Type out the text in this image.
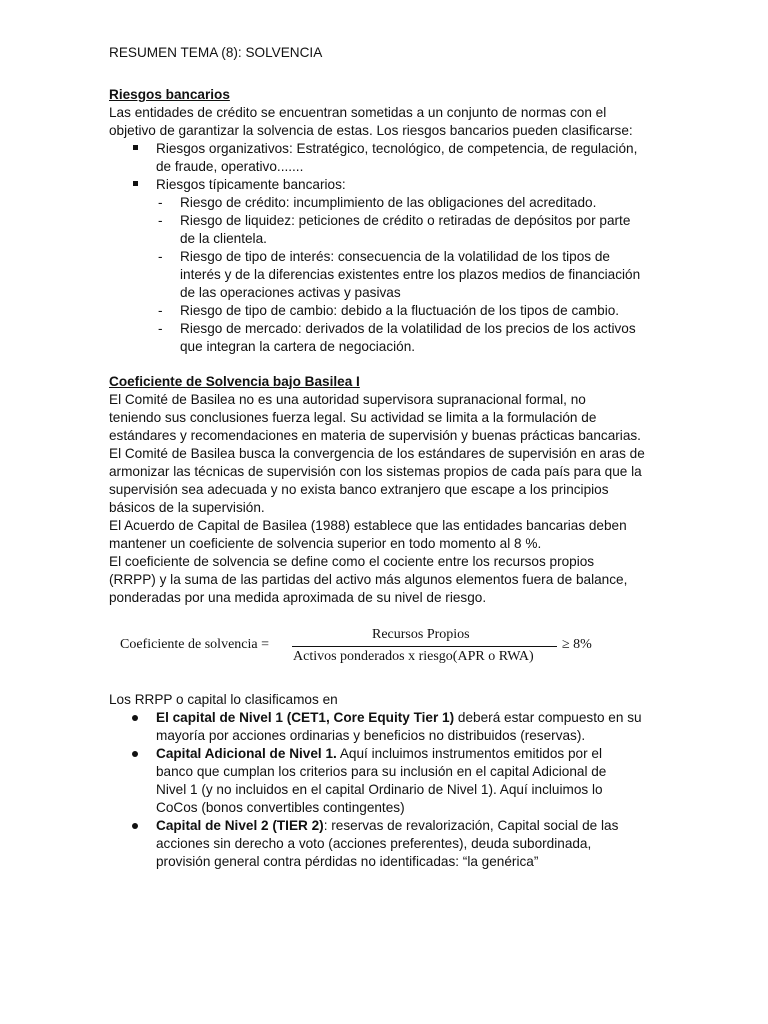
RESUMEN TEMA (8): SOLVENCIA
Riesgos bancarios
Las entidades de crédito se encuentran sometidas a un conjunto de normas con el
objetivo de garantizar la solvencia de estas. Los riesgos bancarios pueden clasificarse:
Riesgos organizativos: Estratégico, tecnológico, de competencia, de regulación,
de fraude, operativo.......
Riesgos típicamente bancarios:
- Riesgo de crédito: incumplimiento de las obligaciones del acreditado.
- Riesgo de liquidez: peticiones de crédito o retiradas de depósitos por parte
de la clientela.
- Riesgo de tipo de interés: consecuencia de la volatilidad de los tipos de
interés y de la diferencias existentes entre los plazos medios de financiación
de las operaciones activas y pasivas
- Riesgo de tipo de cambio: debido a la fluctuación de los tipos de cambio.
- Riesgo de mercado: derivados de la volatilidad de los precios de los activos
que integran la cartera de negociación.
Coeficiente de Solvencia bajo Basilea I
El Comité de Basilea no es una autoridad supervisora supranacional formal, no
teniendo sus conclusiones fuerza legal. Su actividad se limita a la formulación de
estándares y recomendaciones en materia de supervisión y buenas prácticas bancarias.
El Comité de Basilea busca la convergencia de los estándares de supervisión en aras de
armonizar las técnicas de supervisión con los sistemas propios de cada país para que la
supervisión sea adecuada y no exista banco extranjero que escape a los principios
básicos de la supervisión.
El Acuerdo de Capital de Basilea (1988) establece que las entidades bancarias deben
mantener un coeficiente de solvencia superior en todo momento al 8 %.
El coeficiente de solvencia se define como el cociente entre los recursos propios
(RRPP) y la suma de las partidas del activo más algunos elementos fuera de balance,
ponderadas por una medida aproximada de su nivel de riesgo.
Coeficiente de solvencia =
Recursos Propios
Activos ponderados x riesgo(APR o RWA)
≥ 8%
Los RRPP o capital lo clasificamos en
El capital de Nivel 1 (CET1, Core Equity Tier 1) deberá estar compuesto en su
mayoría por acciones ordinarias y beneficios no distribuidos (reservas).
Capital Adicional de Nivel 1. Aquí incluimos instrumentos emitidos por el
banco que cumplan los criterios para su inclusión en el capital Adicional de
Nivel 1 (y no incluidos en el capital Ordinario de Nivel 1). Aquí incluimos lo
CoCos (bonos convertibles contingentes)
Capital de Nivel 2 (TIER 2): reservas de revalorización, Capital social de las
acciones sin derecho a voto (acciones preferentes), deuda subordinada,
provisión general contra pérdidas no identificadas: “la genérica”
